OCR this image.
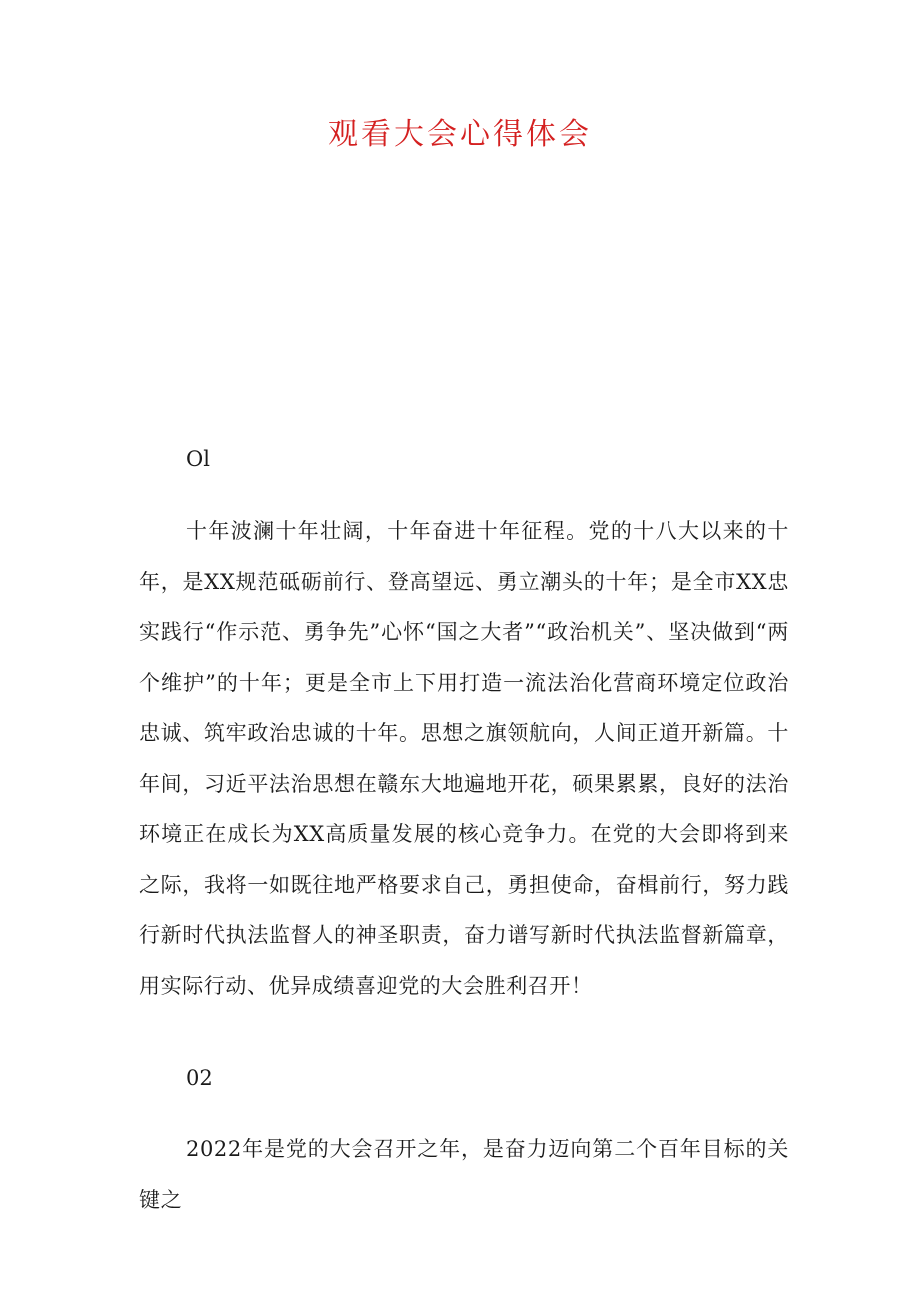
观看大会心得体会
Ol

十年波澜十年壮阔，十年奋进十年征程。党的十八大以来的十年，是XX规范砥砺前行、登高望远、勇立潮头的十年；是全市XX忠实践行“作示范、勇争先”心怀“国之大者”“政治机关”、坚决做到“两个维护”的十年；更是全市上下用打造一流法治化营商环境定位政治忠诚、筑牢政治忠诚的十年。思想之旗领航向，人间正道开新篇。十年间，习近平法治思想在赣东大地遍地开花，硕果累累，良好的法治环境正在成长为XX高质量发展的核心竞争力。在党的大会即将到来之际，我将一如既往地严格要求自己，勇担使命，奋楫前行，努力践行新时代执法监督人的神圣职责，奋力谱写新时代执法监督新篇章，用实际行动、优异成绩喜迎党的大会胜利召开！

02

2022年是党的大会召开之年，是奋力迈向第二个百年目标的关键之
